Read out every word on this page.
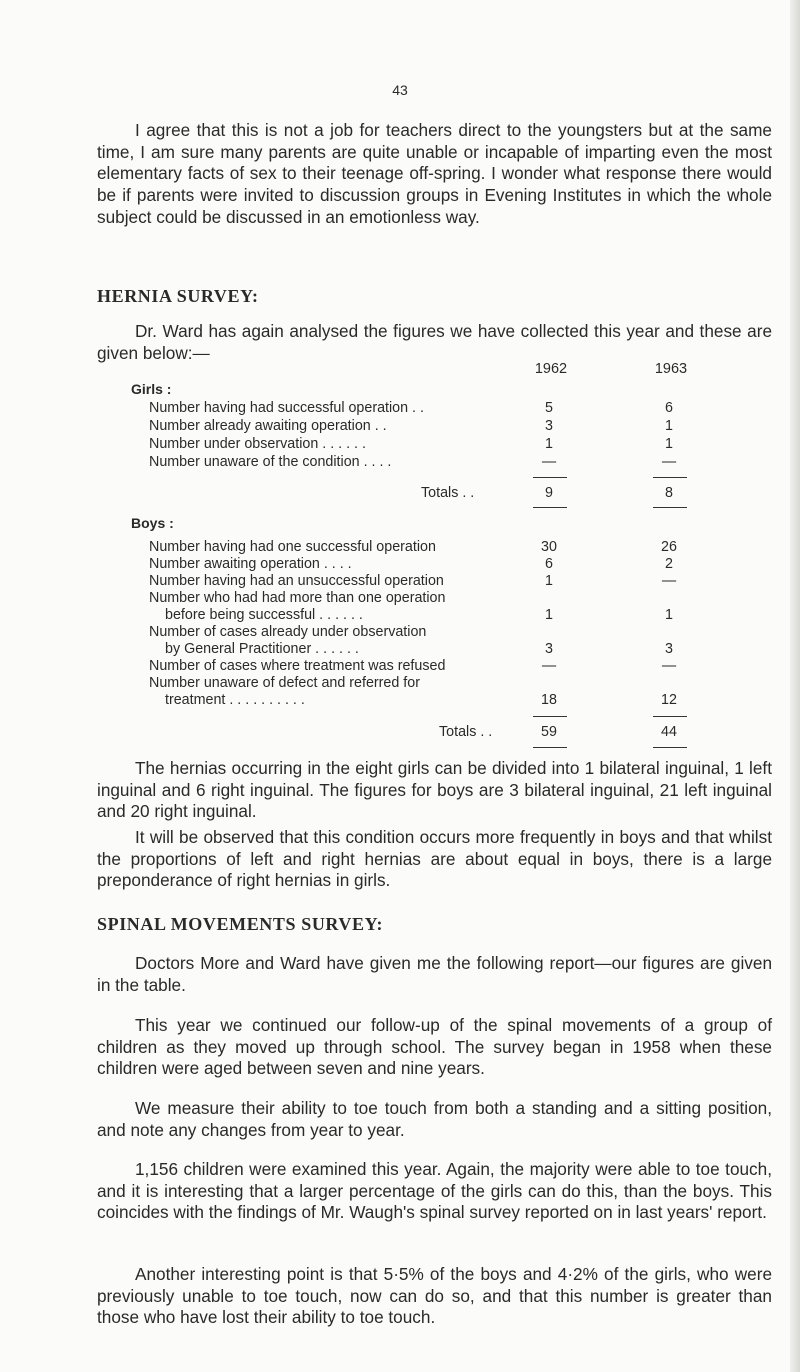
43

I agree that this is not a job for teachers direct to the youngsters but at the same time, I am sure many parents are quite unable or incapable of imparting even the most elementary facts of sex to their teenage off-spring. I wonder what response there would be if parents were invited to discussion groups in Evening Institutes in which the whole subject could be discussed in an emotionless way.

HERNIA SURVEY:

Dr. Ward has again analysed the figures we have collected this year and these are given below:—

1962	1963
Girls :
Number having had successful operation . .	5	6
Number already awaiting operation . .	3	1
Number under observation . . . . . .	1	1
Number unaware of the condition . . . .	—	—
Totals . .	9	8
Boys :
Number having had one successful operation	30	26
Number awaiting operation . . . .	6	2
Number having had an unsuccessful operation	1	—
Number who had had more than one operation
before being successful . . . . . .	1	1
Number of cases already under observation
by General Practitioner . . . . . .	3	3
Number of cases where treatment was refused	—	—
Number unaware of defect and referred for
treatment . . . . . . . . . .	18	12
Totals . .	59	44

The hernias occurring in the eight girls can be divided into 1 bilateral inguinal, 1 left inguinal and 6 right inguinal. The figures for boys are 3 bilateral inguinal, 21 left inguinal and 20 right inguinal.

It will be observed that this condition occurs more frequently in boys and that whilst the proportions of left and right hernias are about equal in boys, there is a large preponderance of right hernias in girls.

SPINAL MOVEMENTS SURVEY:

Doctors More and Ward have given me the following report—our figures are given in the table.

This year we continued our follow-up of the spinal movements of a group of children as they moved up through school. The survey began in 1958 when these children were aged between seven and nine years.

We measure their ability to toe touch from both a standing and a sitting position, and note any changes from year to year.

1,156 children were examined this year. Again, the majority were able to toe touch, and it is interesting that a larger percentage of the girls can do this, than the boys. This coincides with the findings of Mr. Waugh's spinal survey reported on in last years' report.

Another interesting point is that 5·5% of the boys and 4·2% of the girls, who were previously unable to toe touch, now can do so, and that this number is greater than those who have lost their ability to toe touch.
